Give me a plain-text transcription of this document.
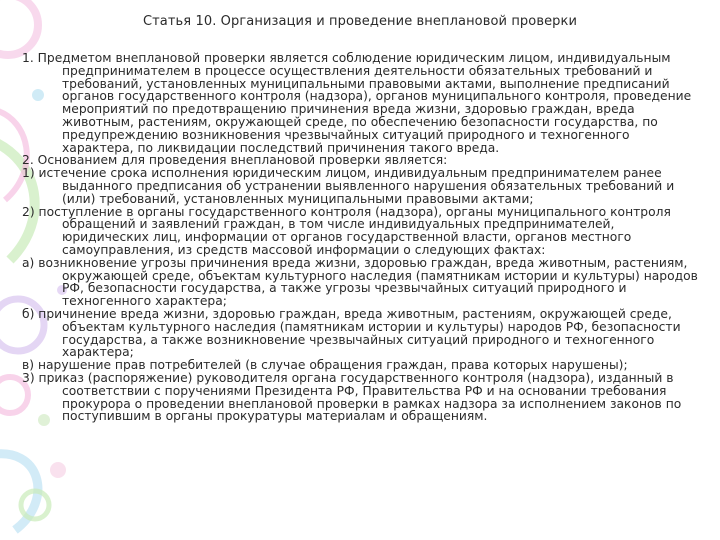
Статья 10. Организация и проведение внеплановой проверки

1. Предметом внеплановой проверки является соблюдение юридическим лицом, индивидуальным предпринимателем в процессе осуществления деятельности обязательных требований и требований, установленных муниципальными правовыми актами, выполнение предписаний органов государственного контроля (надзора), органов муниципального контроля, проведение мероприятий по предотвращению причинения вреда жизни, здоровью граждан, вреда животным, растениям, окружающей среде, по обеспечению безопасности государства, по предупреждению возникновения чрезвычайных ситуаций природного и техногенного характера, по ликвидации последствий причинения такого вреда.

2. Основанием для проведения внеплановой проверки является:

1) истечение срока исполнения юридическим лицом, индивидуальным предпринимателем ранее выданного предписания об устранении выявленного нарушения обязательных требований и (или) требований, установленных муниципальными правовыми актами;

2) поступление в органы государственного контроля (надзора), органы муниципального контроля обращений и заявлений граждан, в том числе индивидуальных предпринимателей, юридических лиц, информации от органов государственной власти, органов местного самоуправления, из средств массовой информации о следующих фактах:

а) возникновение угрозы причинения вреда жизни, здоровью граждан, вреда животным, растениям, окружающей среде, объектам культурного наследия (памятникам истории и культуры) народов РФ, безопасности государства, а также угрозы чрезвычайных ситуаций природного и техногенного характера;

б) причинение вреда жизни, здоровью граждан, вреда животным, растениям, окружающей среде, объектам культурного наследия (памятникам истории и культуры) народов РФ, безопасности государства, а также возникновение чрезвычайных ситуаций природного и техногенного характера;

в) нарушение прав потребителей (в случае обращения граждан, права которых нарушены);

3) приказ (распоряжение) руководителя органа государственного контроля (надзора), изданный в соответствии с поручениями Президента РФ, Правительства РФ и на основании требования прокурора о проведении внеплановой проверки в рамках надзора за исполнением законов по поступившим в органы прокуратуры материалам и обращениям.
